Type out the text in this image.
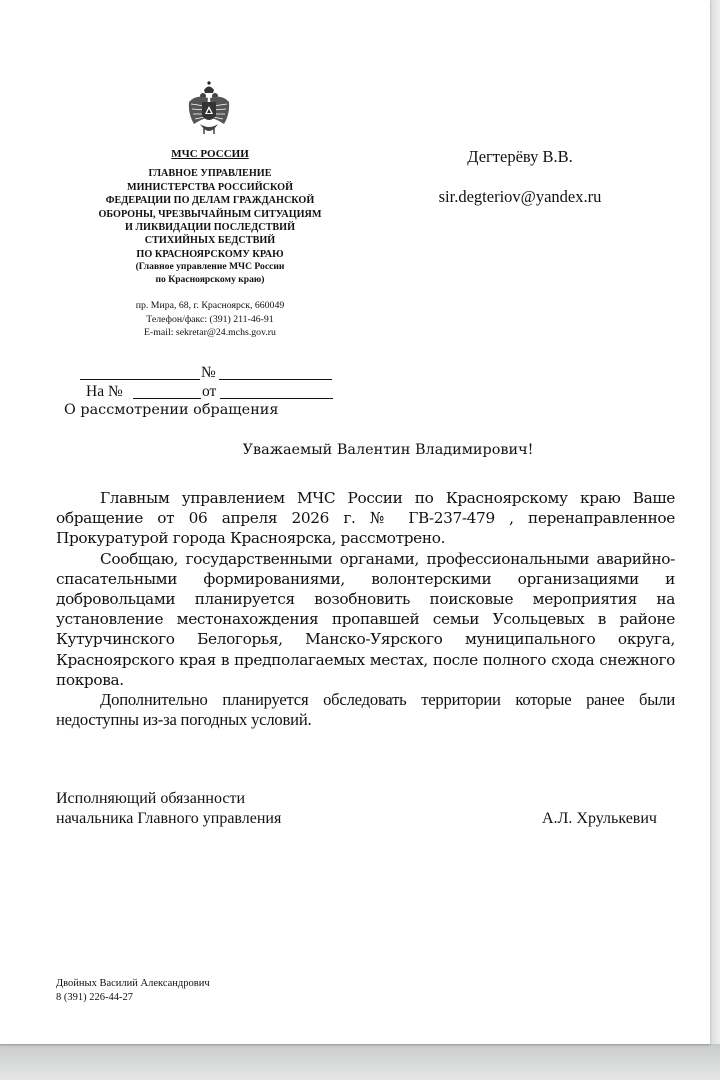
МЧС РОССИИ
ГЛАВНОЕ УПРАВЛЕНИЕ
МИНИСТЕРСТВА РОССИЙСКОЙ
ФЕДЕРАЦИИ ПО ДЕЛАМ ГРАЖДАНСКОЙ
ОБОРОНЫ, ЧРЕЗВЫЧАЙНЫМ СИТУАЦИЯМ
И ЛИКВИДАЦИИ ПОСЛЕДСТВИЙ
СТИХИЙНЫХ БЕДСТВИЙ
ПО КРАСНОЯРСКОМУ КРАЮ
(Главное управление МЧС России
по Красноярскому краю)
пр. Мира, 68, г. Красноярск, 660049
Телефон/факс: (391) 211-46-91
E-mail: sekretar@24.mchs.gov.ru
Дегтерёву В.В.
sir.degteriov@yandex.ru
№
На №	от
О рассмотрении обращения
Уважаемый Валентин Владимирович!

Главным управлением МЧС России по Красноярскому краю Ваше обращение от 06 апреля 2026 г. № ГВ-237-479 , перенаправленное Прокуратурой города Красноярска, рассмотрено.

Сообщаю, государственными органами, профессиональными аварийно-спасательными формированиями, волонтерскими организациями и добровольцами планируется возобновить поисковые мероприятия на установление местонахождения пропавшей семьи Усольцевых в районе Кутурчинского Белогорья, Манско-Уярского муниципального округа, Красноярского края в предполагаемых местах, после полного схода снежного покрова.

Дополнительно планируется обследовать территории которые ранее были недоступны из-за погодных условий.

Исполняющий обязанности
начальника Главного управления	А.Л. Хрулькевич
Двойных Василий Александрович
8 (391) 226-44-27
